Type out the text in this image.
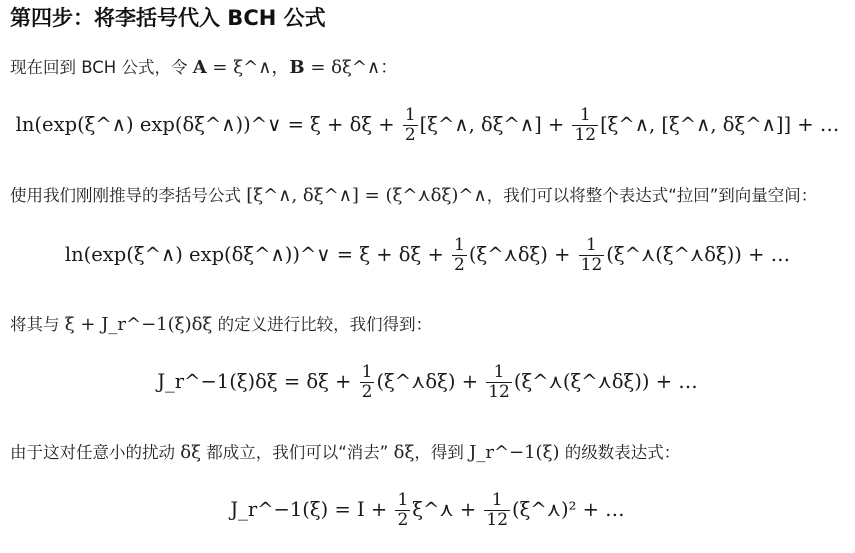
第四步：将李括号代入 BCH 公式
现在回到 BCH 公式，令 A = ξ^∧，B = δξ^∧：
ln(exp(ξ^∧) exp(δξ^∧))^∨ = $\xi + \delta\xi + \frac{1}{2}$ [ξ^∧, δξ^∧] + $\frac{1}{12}$ [ξ^∧, [ξ^∧, δξ^∧]] + …
使用我们刚刚推导的李括号公式 [ξ^∧, δξ^∧] = (ξ^⋏δξ)^∧，我们可以将整个表达式“拉回”到向量空间：
ln(exp(ξ^∧) exp(δξ^∧))^∨ = $\xi + \delta\xi + \frac{1}{2}$ (ξ^⋏δξ) + $\frac{1}{12}$ (ξ^⋏(ξ^⋏δξ)) + …
将其与 ξ + J_r^−1(ξ)δξ 的定义进行比较，我们得到：
J_r^−1(ξ)δξ = $\delta\xi + \frac{1}{2}$ (ξ^⋏δξ) + $\frac{1}{12}$ (ξ^⋏(ξ^⋏δξ)) + …
由于这对任意小的扰动 δξ 都成立，我们可以“消去” δξ，得到 J_r^−1(ξ) 的级数表达式：
J_r^−1(ξ) = $I + \frac{1}{2}$ ξ^⋏ + $\frac{1}{12}$ (ξ^⋏)² + …
